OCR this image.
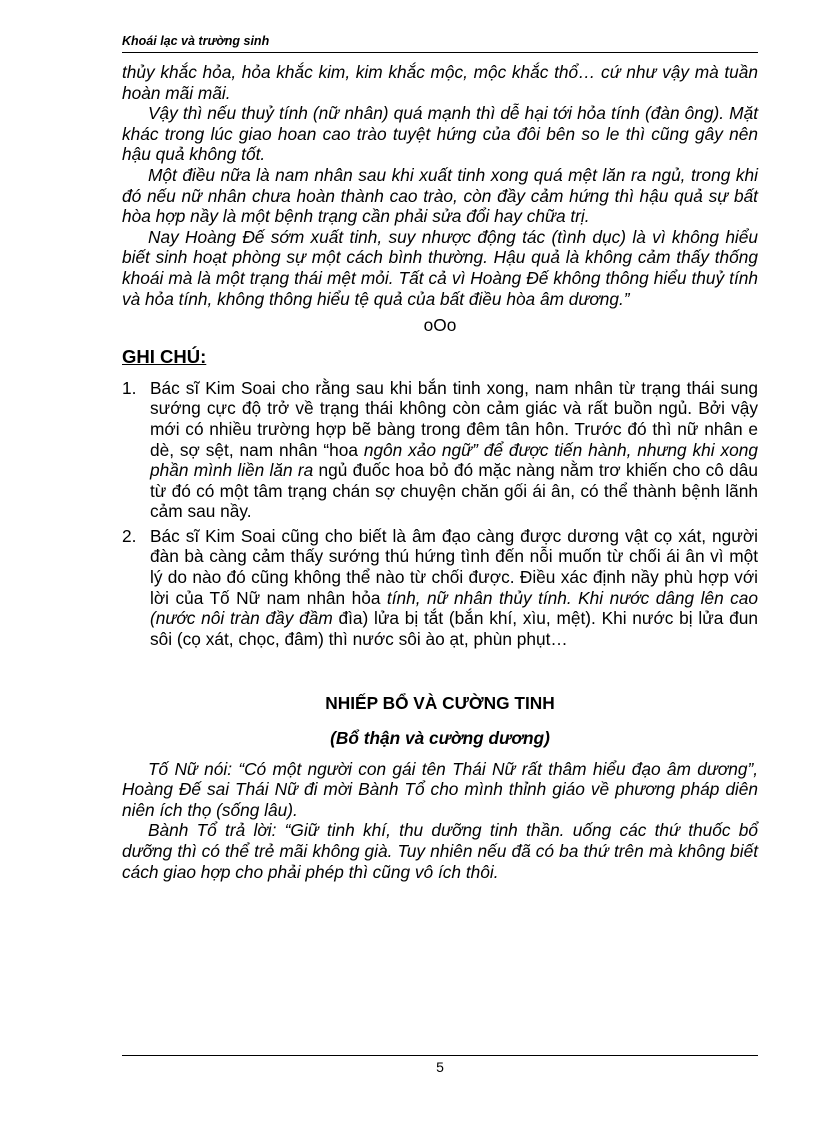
Khoái lạc và trường sinh

thủy khắc hỏa, hỏa khắc kim, kim khắc mộc, mộc khắc thổ… cứ như vậy mà tuần hoàn mãi mãi.

Vậy thì nếu thuỷ tính (nữ nhân) quá mạnh thì dễ hại tới hỏa tính (đàn ông). Mặt khác trong lúc giao hoan cao trào tuyệt hứng của đôi bên so le thì cũng gây nên hậu quả không tốt.

Một điều nữa là nam nhân sau khi xuất tinh xong quá mệt lăn ra ngủ, trong khi đó nếu nữ nhân chưa hoàn thành cao trào, còn đầy cảm hứng thì hậu quả sự bất hòa hợp nầy là một bệnh trạng cần phải sửa đổi hay chữa trị.

Nay Hoàng Đế sớm xuất tinh, suy nhược động tác (tình dục) là vì không hiểu biết sinh hoạt phòng sự một cách bình thường. Hậu quả là không cảm thấy thống khoái mà là một trạng thái mệt mỏi. Tất cả vì Hoàng Đế không thông hiểu thuỷ tính và hỏa tính, không thông hiểu tệ quả của bất điều hòa âm dương.”

oOo

GHI CHÚ:
1. Bác sĩ Kim Soai cho rằng sau khi bắn tinh xong, nam nhân từ trạng thái sung sướng cực độ trở về trạng thái không còn cảm giác và rất buồn ngủ. Bởi vậy mới có nhiều trường hợp bẽ bàng trong đêm tân hôn. Trước đó thì nữ nhân e dè, sợ sệt, nam nhân “hoa ngôn xảo ngữ” để được tiến hành, nhưng khi xong phần mình liền lăn ra ngủ đuốc hoa bỏ đó mặc nàng nằm trơ khiến cho cô dâu từ đó có một tâm trạng chán sợ chuyện chăn gối ái ân, có thể thành bệnh lãnh cảm sau nầy.

2. Bác sĩ Kim Soai cũng cho biết là âm đạo càng được dương vật cọ xát, người đàn bà càng cảm thấy sướng thú hứng tình đến nỗi muốn từ chối ái ân vì một lý do nào đó cũng không thể nào từ chối được. Điều xác định nầy phù hợp với lời của Tố Nữ nam nhân hỏa tính, nữ nhân thủy tính. Khi nước dâng lên cao (nước nôi tràn đầy đầm đìa) lửa bị tắt (bắn khí, xìu, mệt). Khi nước bị lửa đun sôi (cọ xát, chọc, đâm) thì nước sôi ào ạt, phùn phụt…

NHIẾP BỔ VÀ CƯỜNG TINH

(Bổ thận và cường dương)

Tố Nữ nói: “Có một người con gái tên Thái Nữ rất thâm hiểu đạo âm dương”, Hoàng Đế sai Thái Nữ đi mời Bành Tổ cho mình thỉnh giáo về phương pháp diên niên ích thọ (sống lâu).

Bành Tổ trả lời: “Giữ tinh khí, thu dưỡng tinh thần. uống các thứ thuốc bổ dưỡng thì có thể trẻ mãi không già. Tuy nhiên nếu đã có ba thứ trên mà không biết cách giao hợp cho phải phép thì cũng vô ích thôi.

5
